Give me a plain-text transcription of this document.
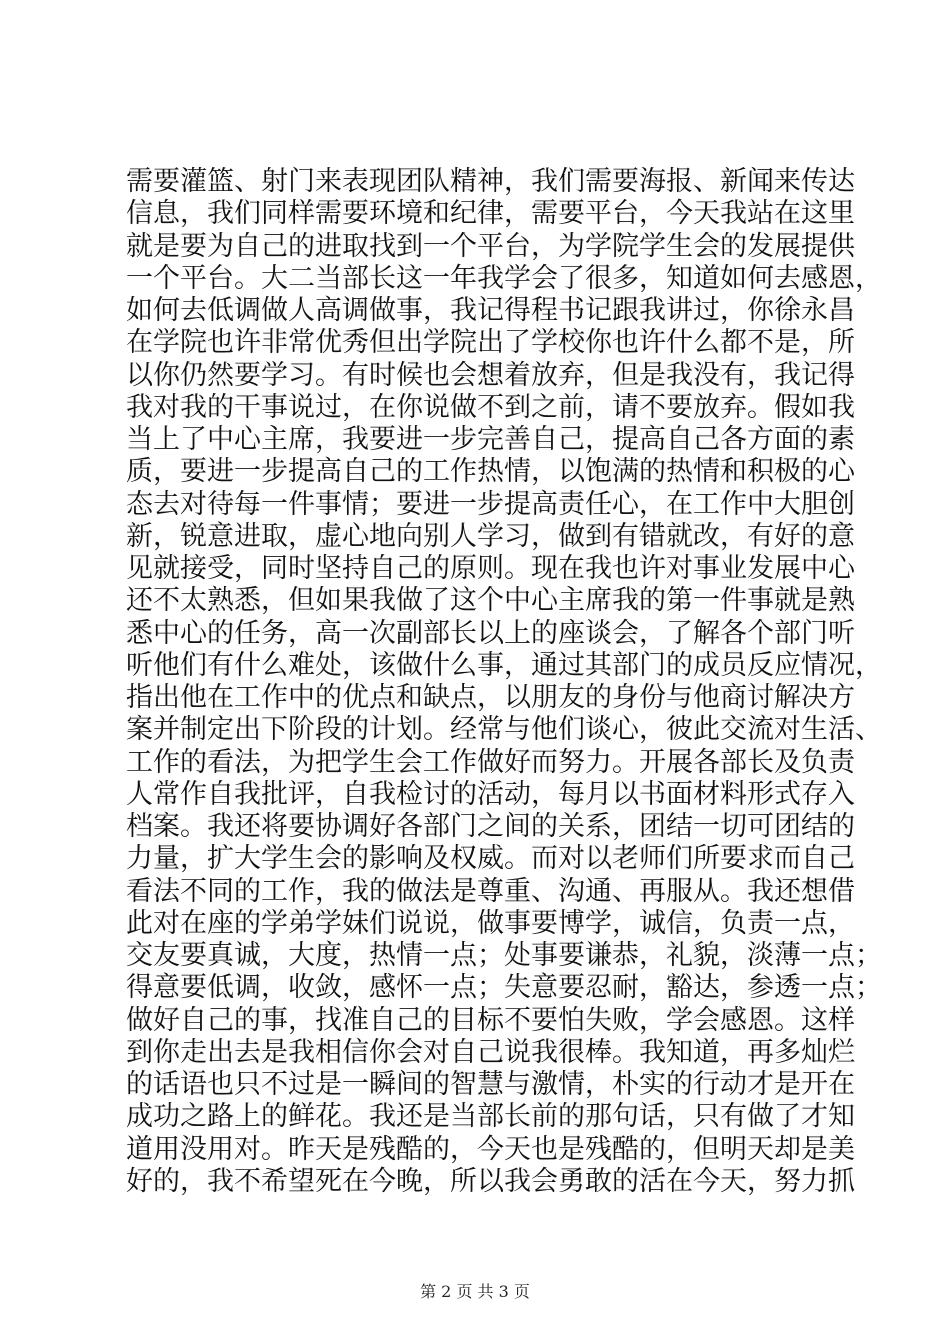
需要灌篮、射门来表现团队精神，我们需要海报、新闻来传达
信息，我们同样需要环境和纪律，需要平台，今天我站在这里
就是要为自己的进取找到一个平台，为学院学生会的发展提供
一个平台。大二当部长这一年我学会了很多，知道如何去感恩，
如何去低调做人高调做事，我记得程书记跟我讲过，你徐永昌
在学院也许非常优秀但出学院出了学校你也许什么都不是，所
以你仍然要学习。有时候也会想着放弃，但是我没有，我记得
我对我的干事说过，在你说做不到之前，请不要放弃。假如我
当上了中心主席，我要进一步完善自己，提高自己各方面的素
质，要进一步提高自己的工作热情，以饱满的热情和积极的心
态去对待每一件事情；要进一步提高责任心，在工作中大胆创
新，锐意进取，虚心地向别人学习，做到有错就改，有好的意
见就接受，同时坚持自己的原则。现在我也许对事业发展中心
还不太熟悉，但如果我做了这个中心主席我的第一件事就是熟
悉中心的任务，高一次副部长以上的座谈会，了解各个部门听
听他们有什么难处，该做什么事，通过其部门的成员反应情况，
指出他在工作中的优点和缺点，以朋友的身份与他商讨解决方
案并制定出下阶段的计划。经常与他们谈心，彼此交流对生活、
工作的看法，为把学生会工作做好而努力。开展各部长及负责
人常作自我批评，自我检讨的活动，每月以书面材料形式存入
档案。我还将要协调好各部门之间的关系，团结一切可团结的
力量，扩大学生会的影响及权威。而对以老师们所要求而自己
看法不同的工作，我的做法是尊重、沟通、再服从。我还想借
此对在座的学弟学妹们说说，做事要博学，诚信，负责一点，
交友要真诚，大度，热情一点；处事要谦恭，礼貌，淡薄一点；
得意要低调，收敛，感怀一点；失意要忍耐，豁达，参透一点；
做好自己的事，找准自己的目标不要怕失败，学会感恩。这样
到你走出去是我相信你会对自己说我很棒。我知道，再多灿烂
的话语也只不过是一瞬间的智慧与激情，朴实的行动才是开在
成功之路上的鲜花。我还是当部长前的那句话，只有做了才知
道用没用对。昨天是残酷的，今天也是残酷的，但明天却是美
好的，我不希望死在今晚，所以我会勇敢的活在今天，努力抓
第 2 页 共 3 页
